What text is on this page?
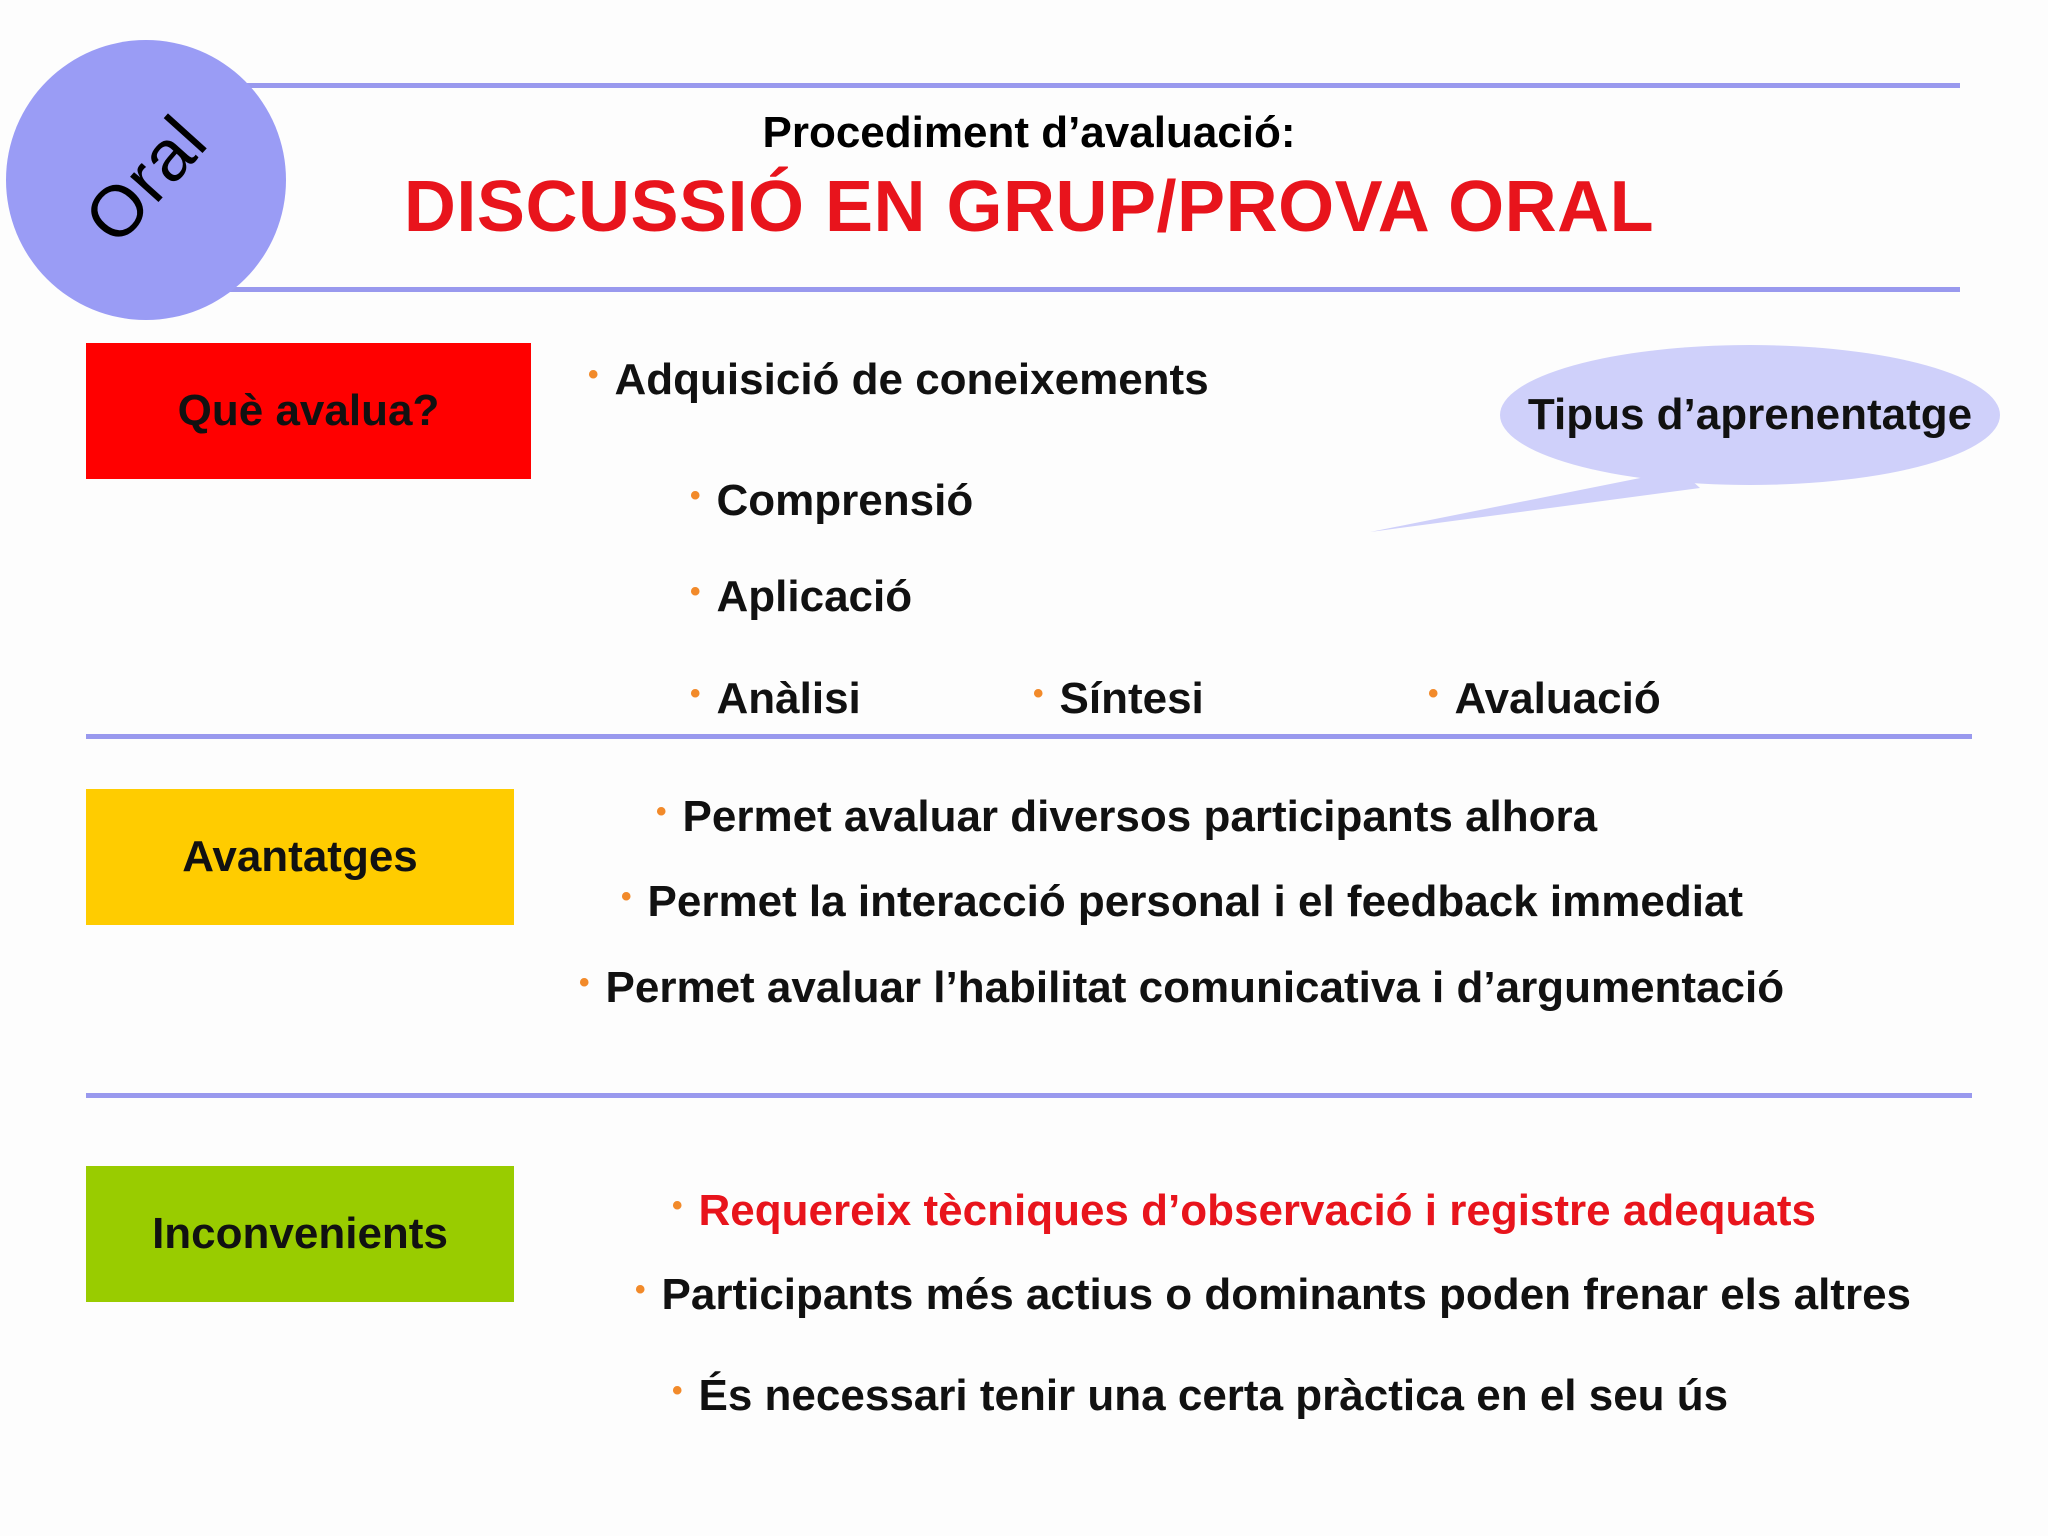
Oral	Procediment d’avaluació:
DISCUSSIÓ EN GRUP/PROVA ORAL
Què avalua?
• Adquisició de coneixements
• Comprensió
• Aplicació
• Anàlisi	• Síntesi	• Avaluació
Tipus d’aprenentatge
Avantatges
• Permet avaluar diversos participants alhora
• Permet la interacció personal i el feedback immediat
• Permet avaluar l’habilitat comunicativa i d’argumentació
Inconvenients
• Requereix tècniques d’observació i registre adequats
• Participants més actius o dominants poden frenar els altres
• És necessari tenir una certa pràctica en el seu ús
